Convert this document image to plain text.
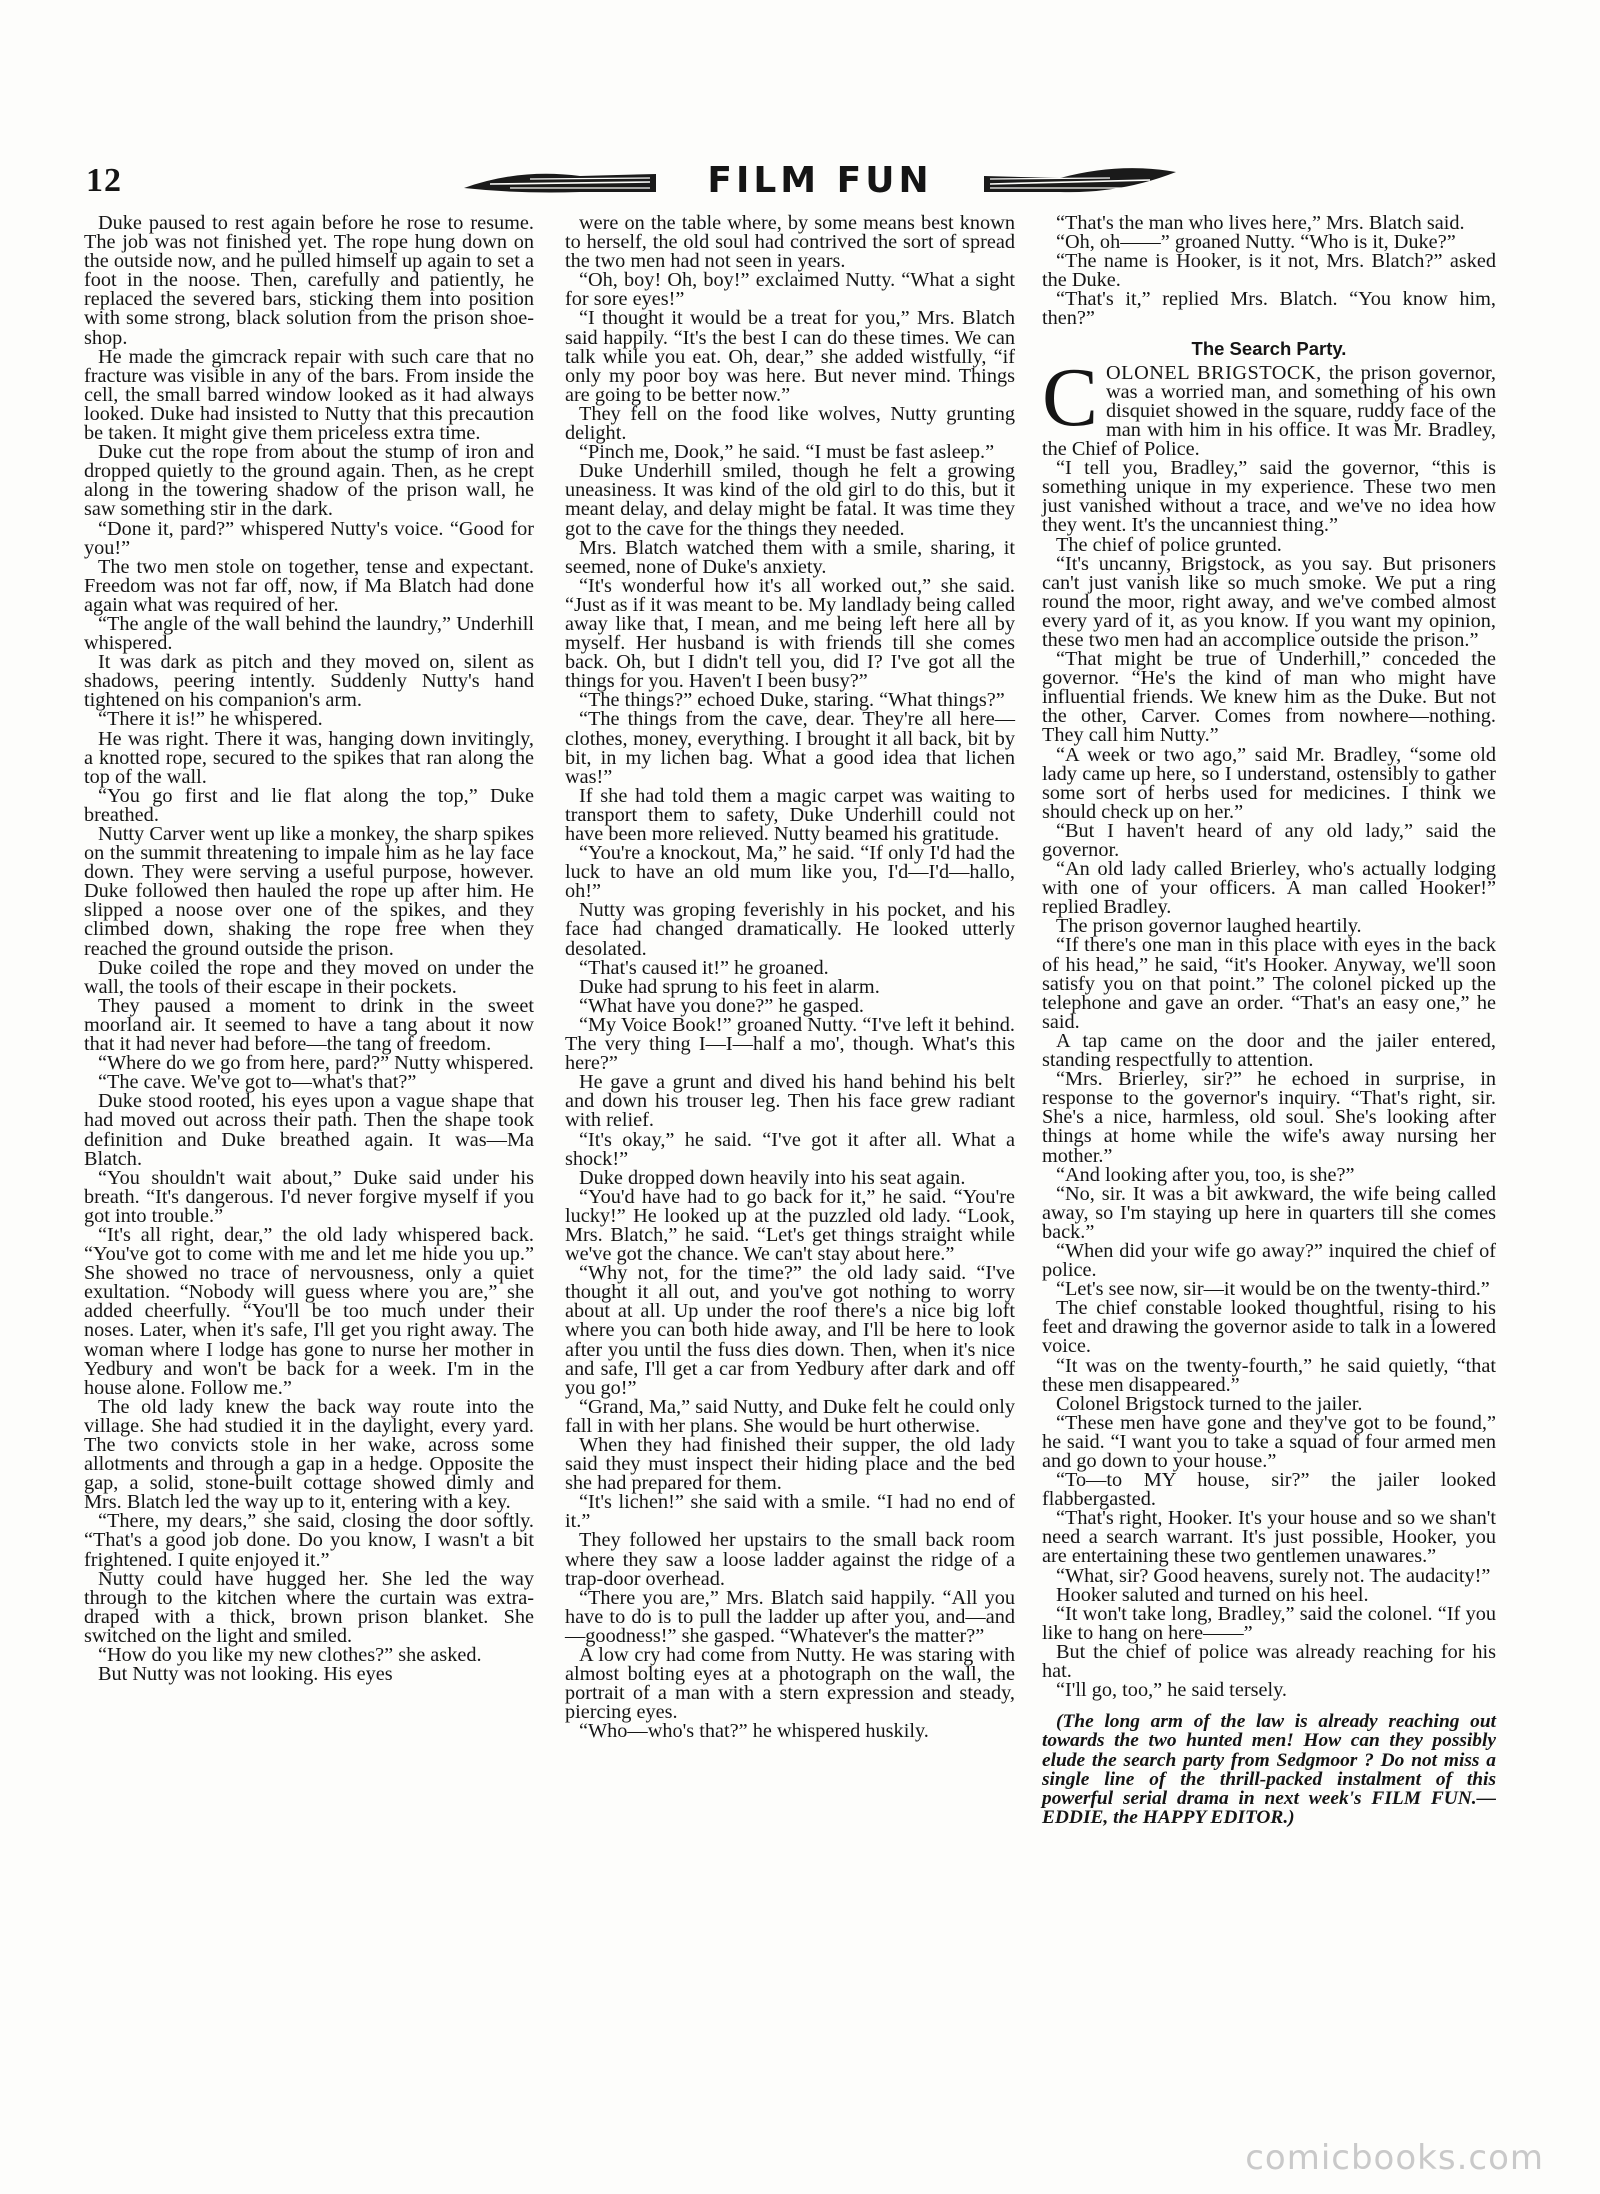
12	FILM FUN

Duke paused to rest again before he rose to resume. The job was not finished yet. The rope hung down on the outside now, and he pulled himself up again to set a foot in the noose. Then, carefully and patiently, he replaced the severed bars, sticking them into position with some strong, black solution from the prison shoe-shop.

He made the gimcrack repair with such care that no fracture was visible in any of the bars. From inside the cell, the small barred window looked as it had always looked. Duke had insisted to Nutty that this precaution be taken. It might give them priceless extra time.

Duke cut the rope from about the stump of iron and dropped quietly to the ground again. Then, as he crept along in the towering shadow of the prison wall, he saw something stir in the dark.

“Done it, pard?” whispered Nutty's voice. “Good for you!”

The two men stole on together, tense and expectant. Freedom was not far off, now, if Ma Blatch had done again what was required of her.

“The angle of the wall behind the laundry,” Underhill whispered.

It was dark as pitch and they moved on, silent as shadows, peering intently. Suddenly Nutty's hand tightened on his companion's arm.

“There it is!” he whispered.

He was right. There it was, hanging down invitingly, a knotted rope, secured to the spikes that ran along the top of the wall.

“You go first and lie flat along the top,” Duke breathed.

Nutty Carver went up like a monkey, the sharp spikes on the summit threatening to impale him as he lay face down. They were serving a useful purpose, however. Duke followed then hauled the rope up after him. He slipped a noose over one of the spikes, and they climbed down, shaking the rope free when they reached the ground outside the prison.

Duke coiled the rope and they moved on under the wall, the tools of their escape in their pockets.

They paused a moment to drink in the sweet moorland air. It seemed to have a tang about it now that it had never had before—the tang of freedom.

“Where do we go from here, pard?” Nutty whispered.

“The cave. We've got to—what's that?”

Duke stood rooted, his eyes upon a vague shape that had moved out across their path. Then the shape took definition and Duke breathed again. It was—Ma Blatch.

“You shouldn't wait about,” Duke said under his breath. “It's dangerous. I'd never forgive myself if you got into trouble.”

“It's all right, dear,” the old lady whispered back. “You've got to come with me and let me hide you up.” She showed no trace of nervousness, only a quiet exultation. “Nobody will guess where you are,” she added cheerfully. “You'll be too much under their noses. Later, when it's safe, I'll get you right away. The woman where I lodge has gone to nurse her mother in Yedbury and won't be back for a week. I'm in the house alone. Follow me.”

The old lady knew the back way route into the village. She had studied it in the daylight, every yard. The two convicts stole in her wake, across some allotments and through a gap in a hedge. Opposite the gap, a solid, stone-built cottage showed dimly and Mrs. Blatch led the way up to it, entering with a key.

“There, my dears,” she said, closing the door softly. “That's a good job done. Do you know, I wasn't a bit frightened. I quite enjoyed it.”

Nutty could have hugged her. She led the way through to the kitchen where the curtain was extra-draped with a thick, brown prison blanket. She switched on the light and smiled.

“How do you like my new clothes?” she asked.

But Nutty was not looking. His eyes

were on the table where, by some means best known to herself, the old soul had contrived the sort of spread the two men had not seen in years.

“Oh, boy! Oh, boy!” exclaimed Nutty. “What a sight for sore eyes!”

“I thought it would be a treat for you,” Mrs. Blatch said happily. “It's the best I can do these times. We can talk while you eat. Oh, dear,” she added wistfully, “if only my poor boy was here. But never mind. Things are going to be better now.”

They fell on the food like wolves, Nutty grunting delight.

“Pinch me, Dook,” he said. “I must be fast asleep.”

Duke Underhill smiled, though he felt a growing uneasiness. It was kind of the old girl to do this, but it meant delay, and delay might be fatal. It was time they got to the cave for the things they needed.

Mrs. Blatch watched them with a smile, sharing, it seemed, none of Duke's anxiety.

“It's wonderful how it's all worked out,” she said. “Just as if it was meant to be. My landlady being called away like that, I mean, and me being left here all by myself. Her husband is with friends till she comes back. Oh, but I didn't tell you, did I? I've got all the things for you. Haven't I been busy?”

“The things?” echoed Duke, staring. “What things?”

“The things from the cave, dear. They're all here—clothes, money, everything. I brought it all back, bit by bit, in my lichen bag. What a good idea that lichen was!”

If she had told them a magic carpet was waiting to transport them to safety, Duke Underhill could not have been more relieved. Nutty beamed his gratitude.

“You're a knockout, Ma,” he said. “If only I'd had the luck to have an old mum like you, I'd—I'd—hallo, oh!”

Nutty was groping feverishly in his pocket, and his face had changed dramatically. He looked utterly desolated.

“That's caused it!” he groaned.

Duke had sprung to his feet in alarm.

“What have you done?” he gasped.

“My Voice Book!” groaned Nutty. “I've left it behind. The very thing I—I—half a mo', though. What's this here?”

He gave a grunt and dived his hand behind his belt and down his trouser leg. Then his face grew radiant with relief.

“It's okay,” he said. “I've got it after all. What a shock!”

Duke dropped down heavily into his seat again.

“You'd have had to go back for it,” he said. “You're lucky!” He looked up at the puzzled old lady. “Look, Mrs. Blatch,” he said. “Let's get things straight while we've got the chance. We can't stay about here.”

“Why not, for the time?” the old lady said. “I've thought it all out, and you've got nothing to worry about at all. Up under the roof there's a nice big loft where you can both hide away, and I'll be here to look after you until the fuss dies down. Then, when it's nice and safe, I'll get a car from Yedbury after dark and off you go!”

“Grand, Ma,” said Nutty, and Duke felt he could only fall in with her plans. She would be hurt otherwise.

When they had finished their supper, the old lady said they must inspect their hiding place and the bed she had prepared for them.

“It's lichen!” she said with a smile. “I had no end of it.”

They followed her upstairs to the small back room where they saw a loose ladder against the ridge of a trap-door overhead.

“There you are,” Mrs. Blatch said happily. “All you have to do is to pull the ladder up after you, and—and—goodness!” she gasped. “Whatever's the matter?”

A low cry had come from Nutty. He was staring with almost bolting eyes at a photograph on the wall, the portrait of a man with a stern expression and steady, piercing eyes.

“Who—who's that?” he whispered huskily.

“That's the man who lives here,” Mrs. Blatch said.

“Oh, oh——” groaned Nutty. “Who is it, Duke?”

“The name is Hooker, is it not, Mrs. Blatch?” asked the Duke.

“That's it,” replied Mrs. Blatch. “You know him, then?”

The Search Party.

COLONEL BRIGSTOCK, the prison governor, was a worried man, and something of his own disquiet showed in the square, ruddy face of the man with him in his office. It was Mr. Bradley, the Chief of Police.

“I tell you, Bradley,” said the governor, “this is something unique in my experience. These two men just vanished without a trace, and we've no idea how they went. It's the uncanniest thing.”

The chief of police grunted.

“It's uncanny, Brigstock, as you say. But prisoners can't just vanish like so much smoke. We put a ring round the moor, right away, and we've combed almost every yard of it, as you know. If you want my opinion, these two men had an accomplice outside the prison.”

“That might be true of Underhill,” conceded the governor. “He's the kind of man who might have influential friends. We knew him as the Duke. But not the other, Carver. Comes from nowhere—nothing. They call him Nutty.”

“A week or two ago,” said Mr. Bradley, “some old lady came up here, so I understand, ostensibly to gather some sort of herbs used for medicines. I think we should check up on her.”

“But I haven't heard of any old lady,” said the governor.

“An old lady called Brierley, who's actually lodging with one of your officers. A man called Hooker!” replied Bradley.

The prison governor laughed heartily.

“If there's one man in this place with eyes in the back of his head,” he said, “it's Hooker. Anyway, we'll soon satisfy you on that point.” The colonel picked up the telephone and gave an order. “That's an easy one,” he said.

A tap came on the door and the jailer entered, standing respectfully to attention.

“Mrs. Brierley, sir?” he echoed in surprise, in response to the governor's inquiry. “That's right, sir. She's a nice, harmless, old soul. She's looking after things at home while the wife's away nursing her mother.”

“And looking after you, too, is she?”

“No, sir. It was a bit awkward, the wife being called away, so I'm staying up here in quarters till she comes back.”

“When did your wife go away?” inquired the chief of police.

“Let's see now, sir—it would be on the twenty-third.”

The chief constable looked thoughtful, rising to his feet and drawing the governor aside to talk in a lowered voice.

“It was on the twenty-fourth,” he said quietly, “that these men disappeared.”

Colonel Brigstock turned to the jailer.

“These men have gone and they've got to be found,” he said. “I want you to take a squad of four armed men and go down to your house.”

“To—to MY house, sir?” the jailer looked flabbergasted.

“That's right, Hooker. It's your house and so we shan't need a search warrant. It's just possible, Hooker, you are entertaining these two gentlemen unawares.”

“What, sir? Good heavens, surely not. The audacity!”

Hooker saluted and turned on his heel.

“It won't take long, Bradley,” said the colonel. “If you like to hang on here——”

But the chief of police was already reaching for his hat.

“I'll go, too,” he said tersely.

(The long arm of the law is already reaching out towards the two hunted men! How can they possibly elude the search party from Sedgmoor ? Do not miss a single line of the thrill-packed instalment of this powerful serial drama in next week's FILM FUN.—EDDIE, the HAPPY EDITOR.)

comicbooks.com
